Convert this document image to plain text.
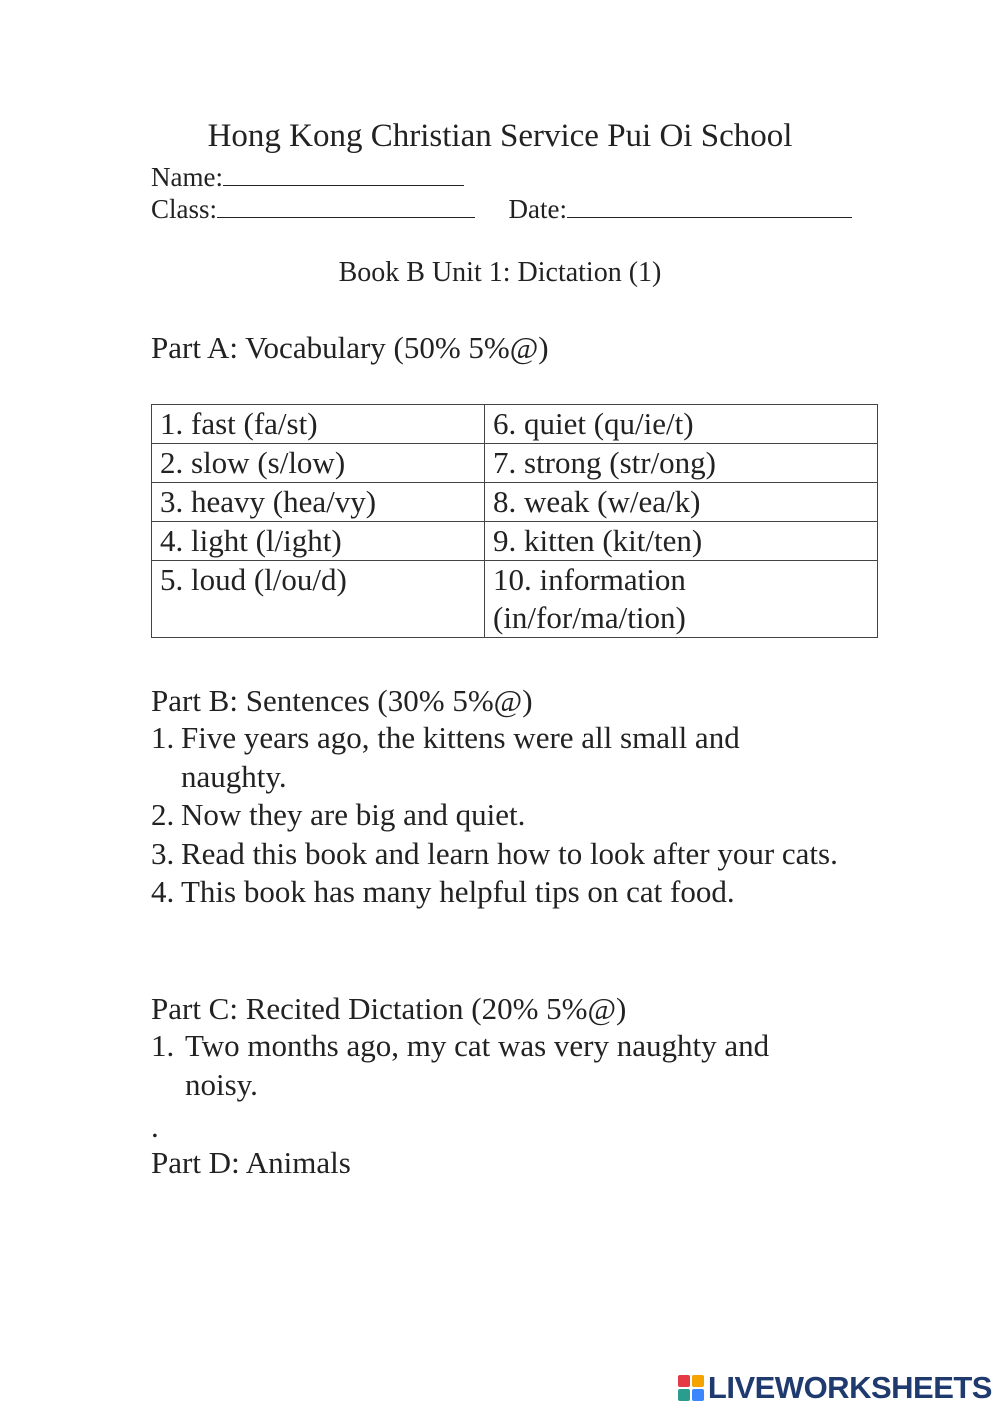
Hong Kong Christian Service Pui Oi School
Name:
Class:	Date:
Book B Unit 1: Dictation (1)
Part A: Vocabulary (50% 5%@)
1. fast (fa/st)	6. quiet (qu/ie/t)
2. slow (s/low)	7. strong (str/ong)
3. heavy (hea/vy)	8. weak (w/ea/k)
4. light (l/ight)	9. kitten (kit/ten)
5. loud (l/ou/d)	10. information
(in/for/ma/tion)
Part B: Sentences (30% 5%@)
1. Five years ago, the kittens were all small and naughty.
2. Now they are big and quiet.
3. Read this book and learn how to look after your cats.
4. This book has many helpful tips on cat food.
Part C: Recited Dictation (20% 5%@)
1. Two months ago, my cat was very naughty and noisy.
.
Part D: Animals
LIVEWORKSHEETS
